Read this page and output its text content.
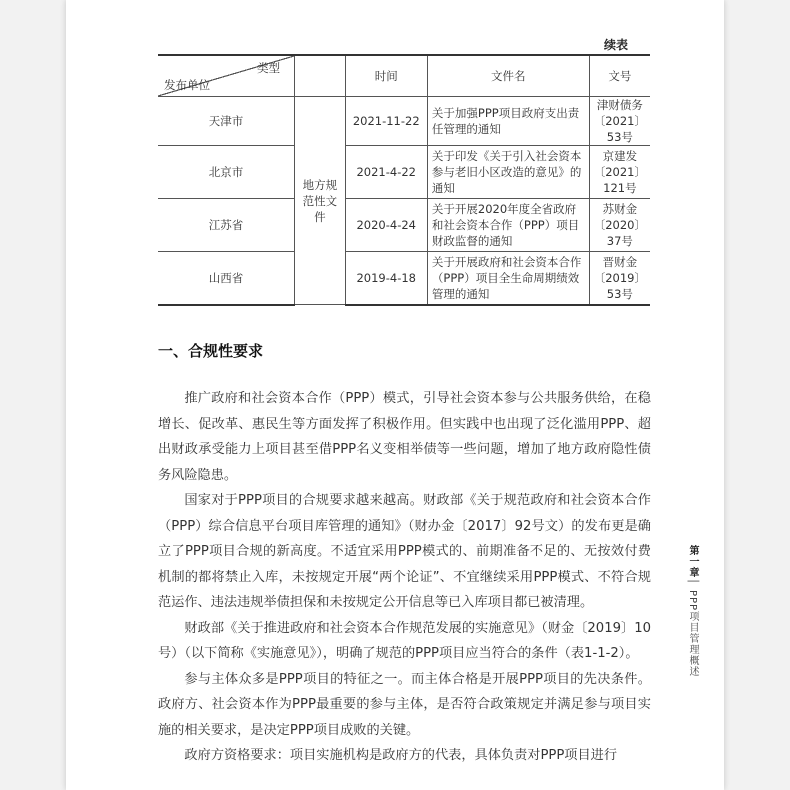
续表
类型
发布单位		时间	文件名	文号
天津市	地方规范性文件	2021-11-22	关于加强PPP项目政府支出责任管理的通知	津财债务〔2021〕53号
北京市		2021-4-22	关于印发《关于引入社会资本参与老旧小区改造的意见》的通知	京建发〔2021〕121号
江苏省		2020-4-24	关于开展2020年度全省政府和社会资本合作（PPP）项目财政监督的通知	苏财金〔2020〕37号
山西省		2019-4-18	关于开展政府和社会资本合作（PPP）项目全生命周期绩效管理的通知	晋财金〔2019〕53号
一、合规性要求

推广政府和社会资本合作（PPP）模式，引导社会资本参与公共服务供给，在稳增长、促改革、惠民生等方面发挥了积极作用。但实践中也出现了泛化滥用PPP、超出财政承受能力上项目甚至借PPP名义变相举债等一些问题，增加了地方政府隐性债务风险隐患。

国家对于PPP项目的合规要求越来越高。财政部《关于规范政府和社会资本合作（PPP）综合信息平台项目库管理的通知》（财办金〔2017〕92号文）的发布更是确立了PPP项目合规的新高度。不适宜采用PPP模式的、前期准备不足的、无按效付费机制的都将禁止入库，未按规定开展“两个论证”、不宜继续采用PPP模式、不符合规范运作、违法违规举债担保和未按规定公开信息等已入库项目都已被清理。

财政部《关于推进政府和社会资本合作规范发展的实施意见》（财金〔2019〕10号）（以下简称《实施意见》），明确了规范的PPP项目应当符合的条件（表1-1-2）。

参与主体众多是PPP项目的特征之一。而主体合格是开展PPP项目的先决条件。政府方、社会资本作为PPP最重要的参与主体，是否符合政策规定并满足参与项目实施的相关要求，是决定PPP项目成败的关键。

政府方资格要求：项目实施机构是政府方的代表，具体负责对PPP项目进行

第一章│PPP项目管理概述
